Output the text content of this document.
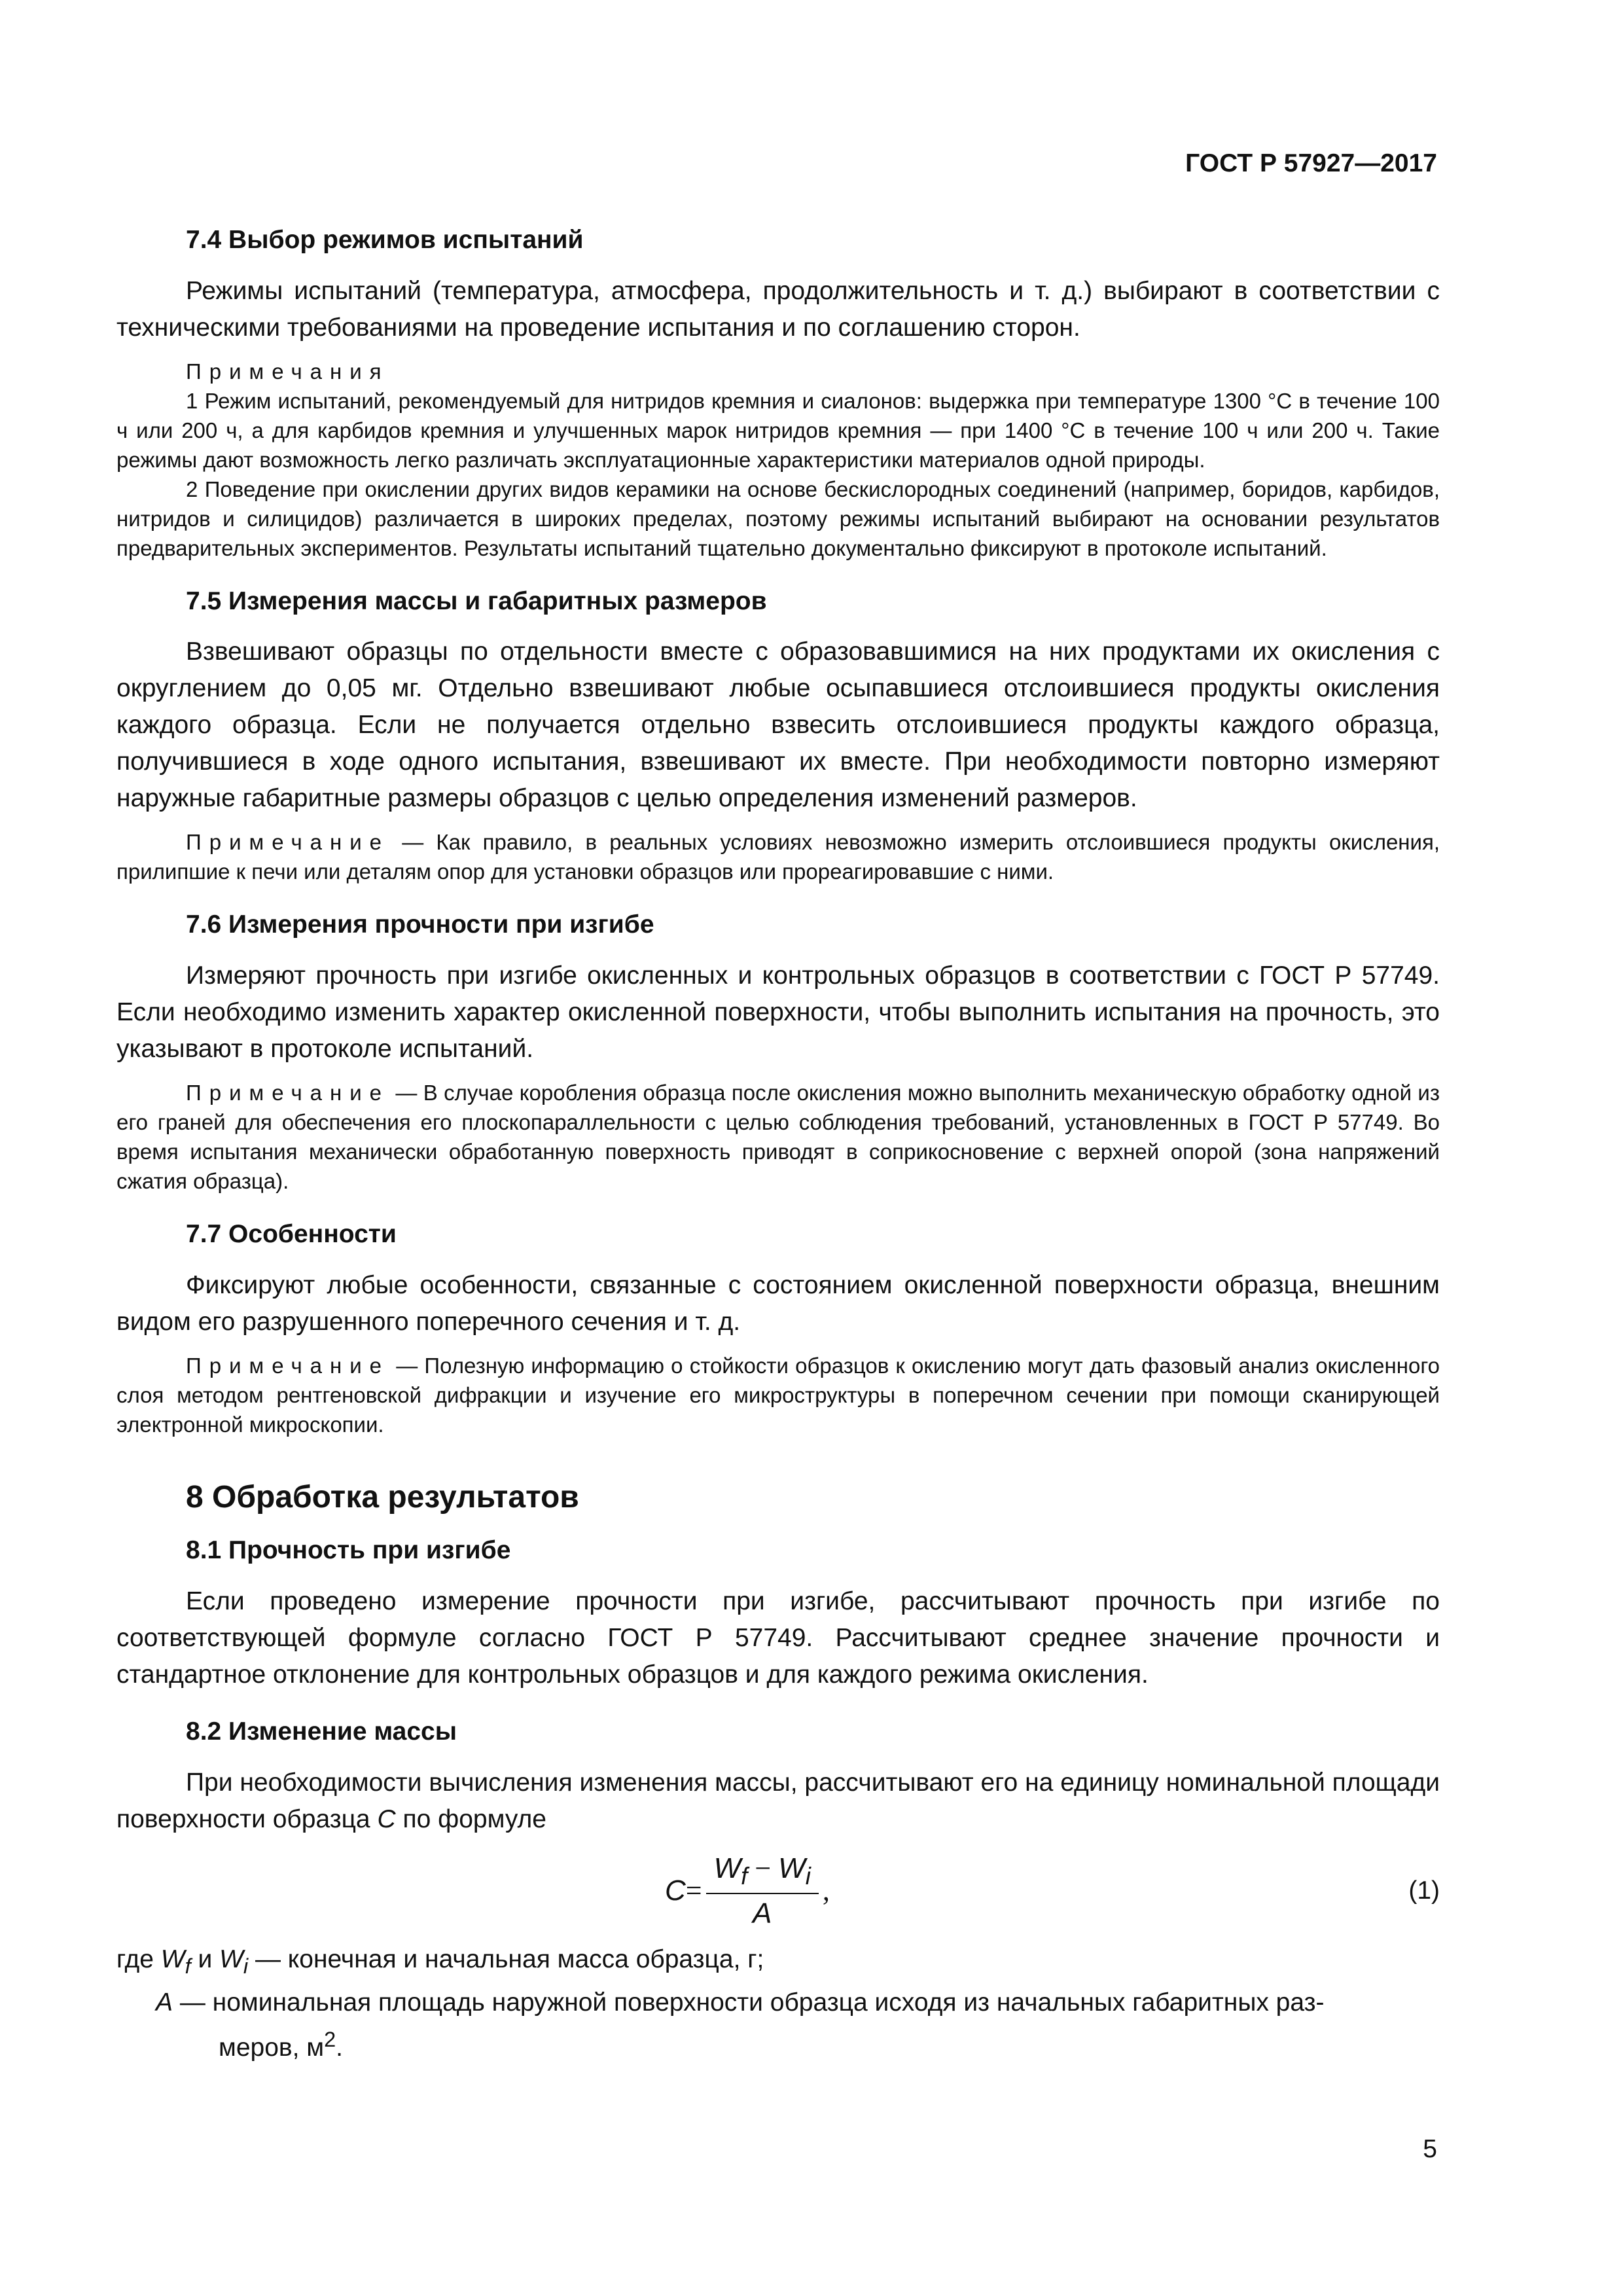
ГОСТ Р 57927—2017

7.4 Выбор режимов испытаний

Режимы испытаний (температура, атмосфера, продолжительность и т. д.) выбирают в соответствии с техническими требованиями на проведение испытания и по соглашению сторон.

Примечания

1 Режим испытаний, рекомендуемый для нитридов кремния и сиалонов: выдержка при температуре 1300 °С в течение 100 ч или 200 ч, а для карбидов кремния и улучшенных марок нитридов кремния — при 1400 °С в течение 100 ч или 200 ч. Такие режимы дают возможность легко различать эксплуатационные характеристики материалов одной природы.

2 Поведение при окислении других видов керамики на основе бескислородных соединений (например, боридов, карбидов, нитридов и силицидов) различается в широких пределах, поэтому режимы испытаний выбирают на основании результатов предварительных экспериментов. Результаты испытаний тщательно документально фиксируют в протоколе испытаний.

7.5 Измерения массы и габаритных размеров

Взвешивают образцы по отдельности вместе с образовавшимися на них продуктами их окисления с округлением до 0,05 мг. Отдельно взвешивают любые осыпавшиеся отслоившиеся продукты окисления каждого образца. Если не получается отдельно взвесить отслоившиеся продукты каждого образца, получившиеся в ходе одного испытания, взвешивают их вместе. При необходимости повторно измеряют наружные габаритные размеры образцов с целью определения изменений размеров.

Примечание — Как правило, в реальных условиях невозможно измерить отслоившиеся продукты окисления, прилипшие к печи или деталям опор для установки образцов или прореагировавшие с ними.

7.6 Измерения прочности при изгибе

Измеряют прочность при изгибе окисленных и контрольных образцов в соответствии с ГОСТ Р 57749. Если необходимо изменить характер окисленной поверхности, чтобы выполнить испытания на прочность, это указывают в протоколе испытаний.

Примечание — В случае коробления образца после окисления можно выполнить механическую обработку одной из его граней для обеспечения его плоскопараллельности с целью соблюдения требований, установленных в ГОСТ Р 57749. Во время испытания механически обработанную поверхность приводят в соприкосновение с верхней опорой (зона напряжений сжатия образца).

7.7 Особенности

Фиксируют любые особенности, связанные с состоянием окисленной поверхности образца, внешним видом его разрушенного поперечного сечения и т. д.

Примечание — Полезную информацию о стойкости образцов к окислению могут дать фазовый анализ окисленного слоя методом рентгеновской дифракции и изучение его микроструктуры в поперечном сечении при помощи сканирующей электронной микроскопии.

8 Обработка результатов
8.1 Прочность при изгибе

Если проведено измерение прочности при изгибе, рассчитывают прочность при изгибе по соответствующей формуле согласно ГОСТ Р 57749. Рассчитывают среднее значение прочности и стандартное отклонение для контрольных образцов и для каждого режима окисления.

8.2 Изменение массы

При необходимости вычисления изменения массы, рассчитывают его на единицу номинальной площади поверхности образца C по формуле

$C = \frac{W_f - W_i}{A}$ ,	(1)

где $W_f$ и $W_i$ — конечная и начальная масса образца, г;

A — номинальная площадь наружной поверхности образца исходя из начальных габаритных раз-
меров, $м^2$.

5
